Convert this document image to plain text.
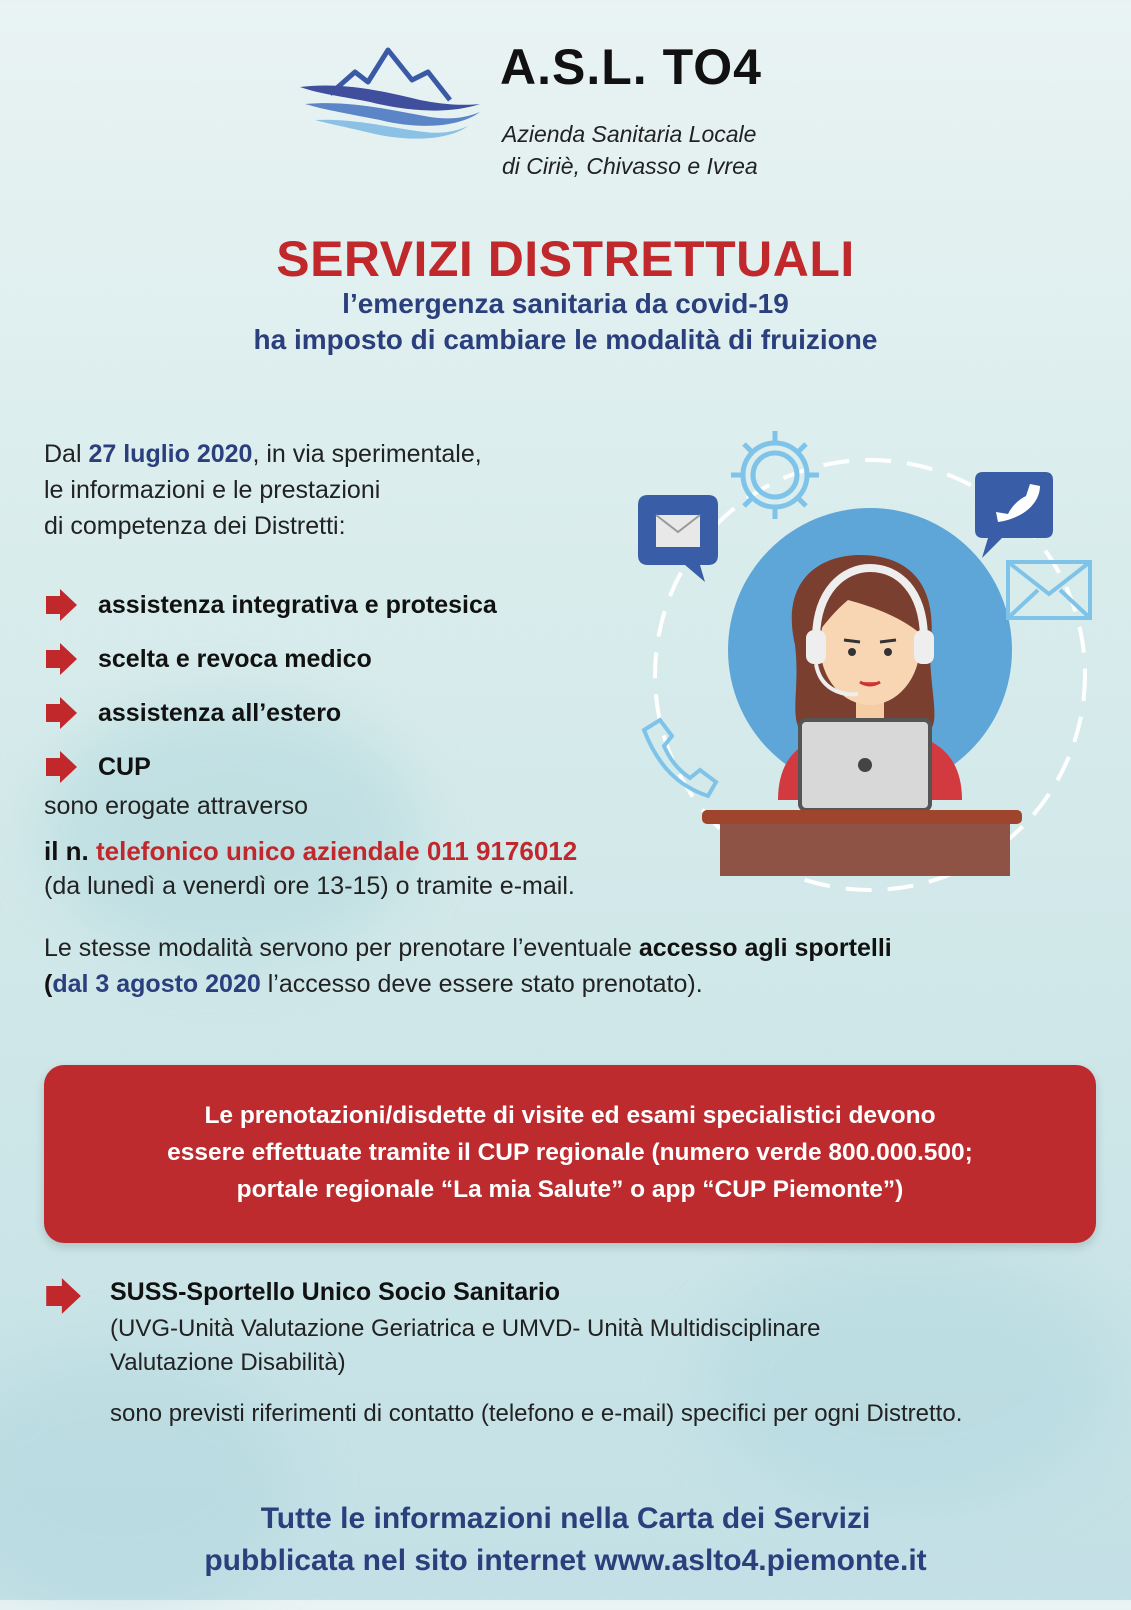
A.S.L. TO4
Azienda Sanitaria Locale
di Ciriè, Chivasso e Ivrea
SERVIZI DISTRETTUALI
l’emergenza sanitaria da covid-19
ha imposto di cambiare le modalità di fruizione
Dal 27 luglio 2020, in via sperimentale,
le informazioni e le prestazioni
di competenza dei Distretti:
assistenza integrativa e protesica
scelta e revoca medico
assistenza all’estero
CUP
sono erogate attraverso
il n. telefonico unico aziendale 011 9176012
(da lunedì a venerdì ore 13-15) o tramite e-mail.
Le stesse modalità servono per prenotare l’eventuale accesso agli sportelli
(dal 3 agosto 2020 l’accesso deve essere stato prenotato).
Le prenotazioni/disdette di visite ed esami specialistici devono
essere effettuate tramite il CUP regionale (numero verde 800.000.500;
portale regionale “La mia Salute” o app “CUP Piemonte”)
SUSS-Sportello Unico Socio Sanitario
(UVG-Unità Valutazione Geriatrica e UMVD- Unità Multidisciplinare
Valutazione Disabilità)
sono previsti riferimenti di contatto (telefono e e-mail) specifici per ogni Distretto.
Tutte le informazioni nella Carta dei Servizi
pubblicata nel sito internet www.aslto4.piemonte.it
